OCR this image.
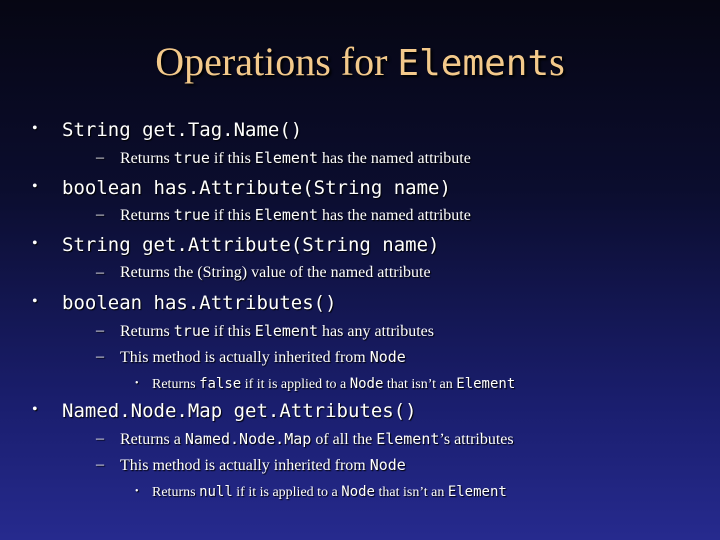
Operations for Elements
• String get.Tag.Name()
– Returns true if this Element has the named attribute
• boolean has.Attribute(String name)
– Returns true if this Element has the named attribute
• String get.Attribute(String name)
– Returns the (String) value of the named attribute
• boolean has.Attributes()
– Returns true if this Element has any attributes
– This method is actually inherited from Node
• Returns false if it is applied to a Node that isn’t an Element
• Named.Node.Map get.Attributes()
– Returns a Named.Node.Map of all the Element’s attributes
– This method is actually inherited from Node
• Returns null if it is applied to a Node that isn’t an Element
